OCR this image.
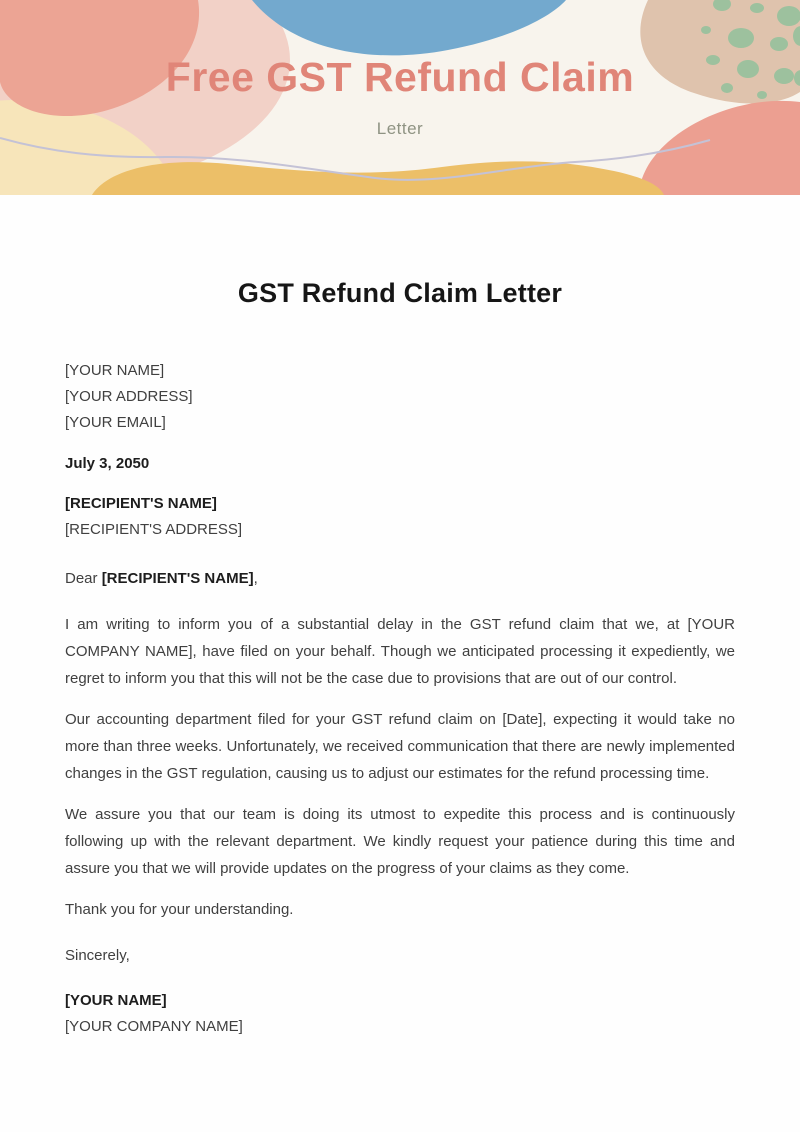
Free GST Refund Claim
Letter
GST Refund Claim Letter
[YOUR NAME]
[YOUR ADDRESS]
[YOUR EMAIL]
July 3, 2050
[RECIPIENT'S NAME]
[RECIPIENT'S ADDRESS]
Dear [RECIPIENT'S NAME],

I am writing to inform you of a substantial delay in the GST refund claim that we, at [YOUR COMPANY NAME], have filed on your behalf. Though we anticipated processing it expediently, we regret to inform you that this will not be the case due to provisions that are out of our control.

Our accounting department filed for your GST refund claim on [Date], expecting it would take no more than three weeks. Unfortunately, we received communication that there are newly implemented changes in the GST regulation, causing us to adjust our estimates for the refund processing time.

We assure you that our team is doing its utmost to expedite this process and is continuously following up with the relevant department. We kindly request your patience during this time and assure you that we will provide updates on the progress of your claims as they come.

Thank you for your understanding.
Sincerely,
[YOUR NAME]
[YOUR COMPANY NAME]
